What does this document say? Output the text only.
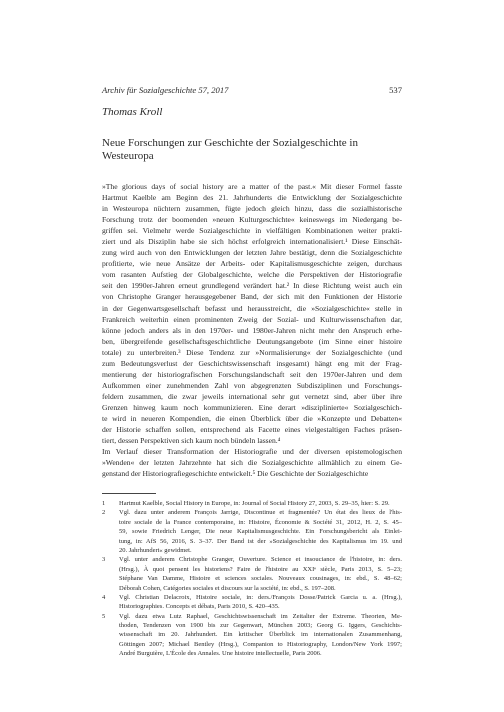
Archiv für Sozialgeschichte 57, 2017	537
Thomas Kroll
Neue Forschungen zur Geschichte der Sozialgeschichte in
Westeuropa
»The glorious days of social history are a matter of the past.« Mit dieser Formel fasste
Hartmut Kaelble am Beginn des 21. Jahrhunderts die Entwicklung der Sozialgeschichte
in Westeuropa nüchtern zusammen, fügte jedoch gleich hinzu, dass die sozialhistorische
Forschung trotz der boomenden »neuen Kulturgeschichte« keineswegs im Niedergang be-
griffen sei. Vielmehr werde Sozialgeschichte in vielfältigen Kombinationen weiter prakti-
ziert und als Disziplin habe sie sich höchst erfolgreich internationalisiert.¹ Diese Einschät-
zung wird auch von den Entwicklungen der letzten Jahre bestätigt, denn die Sozialgeschichte
profitierte, wie neue Ansätze der Arbeits- oder Kapitalismusgeschichte zeigen, durchaus
vom rasanten Aufstieg der Globalgeschichte, welche die Perspektiven der Historiografie
seit den 1990er-Jahren erneut grundlegend verändert hat.² In diese Richtung weist auch ein
von Christophe Granger herausgegebener Band, der sich mit den Funktionen der Historie
in der Gegenwartsgesellschaft befasst und herausstreicht, die »Sozialgeschichte« stelle in
Frankreich weiterhin einen prominenten Zweig der Sozial- und Kulturwissenschaften dar,
könne jedoch anders als in den 1970er- und 1980er-Jahren nicht mehr den Anspruch erhe-
ben, übergreifende gesellschaftsgeschichtliche Deutungsangebote (im Sinne einer histoire
totale) zu unterbreiten.³ Diese Tendenz zur »Normalisierung« der Sozialgeschichte (und
zum Bedeutungsverlust der Geschichtswissenschaft insgesamt) hängt eng mit der Frag-
mentierung der historiografischen Forschungslandschaft seit den 1970er-Jahren und dem
Aufkommen einer zunehmenden Zahl von abgegrenzten Subdisziplinen und Forschungs-
feldern zusammen, die zwar jeweils international sehr gut vernetzt sind, aber über ihre
Grenzen hinweg kaum noch kommunizieren. Eine derart »disziplinierte« Sozialgeschich-
te wird in neueren Kompendien, die einen Überblick über die »Konzepte und Debatten«
der Historie schaffen sollen, entsprechend als Facette eines vielgestaltigen Faches präsen-
tiert, dessen Perspektiven sich kaum noch bündeln lassen.⁴
Im Verlauf dieser Transformation der Historiografie und der diversen epistemologischen
»Wenden« der letzten Jahrzehnte hat sich die Sozialgeschichte allmählich zu einem Ge-
genstand der Historiografiegeschichte entwickelt.⁵ Die Geschichte der Sozialgeschichte
1 Hartmut Kaelble, Social History in Europe, in: Journal of Social History 27, 2003, S. 29–35, hier: S. 29.
2 Vgl. dazu unter anderem François Jarrige, Discontinue et fragmentée? Un état des lieux de l'his-
toire sociale de la France contemporaine, in: Histoire, Économie & Société 31, 2012, H. 2, S. 45–
59, sowie Friedrich Lenger, Die neue Kapitalismusgeschichte. Ein Forschungsbericht als Einlei-
tung, in: AfS 56, 2016, S. 3–37. Der Band ist der »Sozialgeschichte des Kapitalismus im 19. und
20. Jahrhundert« gewidmet.
3 Vgl. unter anderem Christophe Granger, Ouverture. Science et insouciance de l'histoire, in: ders.
(Hrsg.), À quoi pensent les historiens? Faire de l'histoire au XXIᵉ siècle, Paris 2013, S. 5–23;
Stéphane Van Damme, Histoire et sciences sociales. Nouveaux cousinages, in: ebd., S. 48–62;
Déborah Cohen, Catégories sociales et discours sur la société, in: ebd., S. 197–208.
4 Vgl. Christian Delacroix, Histoire sociale, in: ders./François Dosse/Patrick Garcia u. a. (Hrsg.),
Historiographies. Concepts et débats, Paris 2010, S. 420–435.
5 Vgl. dazu etwa Lutz Raphael, Geschichtswissenschaft im Zeitalter der Extreme. Theorien, Me-
thoden, Tendenzen von 1900 bis zur Gegenwart, München 2003; Georg G. Iggers, Geschichts-
wissenschaft im 20. Jahrhundert. Ein kritischer Überblick im internationalen Zusammenhang,
Göttingen 2007; Michael Bentley (Hrsg.), Companion to Historiography, London/New York 1997;
André Burguière, L'École des Annales. Une histoire intellectuelle, Paris 2006.
